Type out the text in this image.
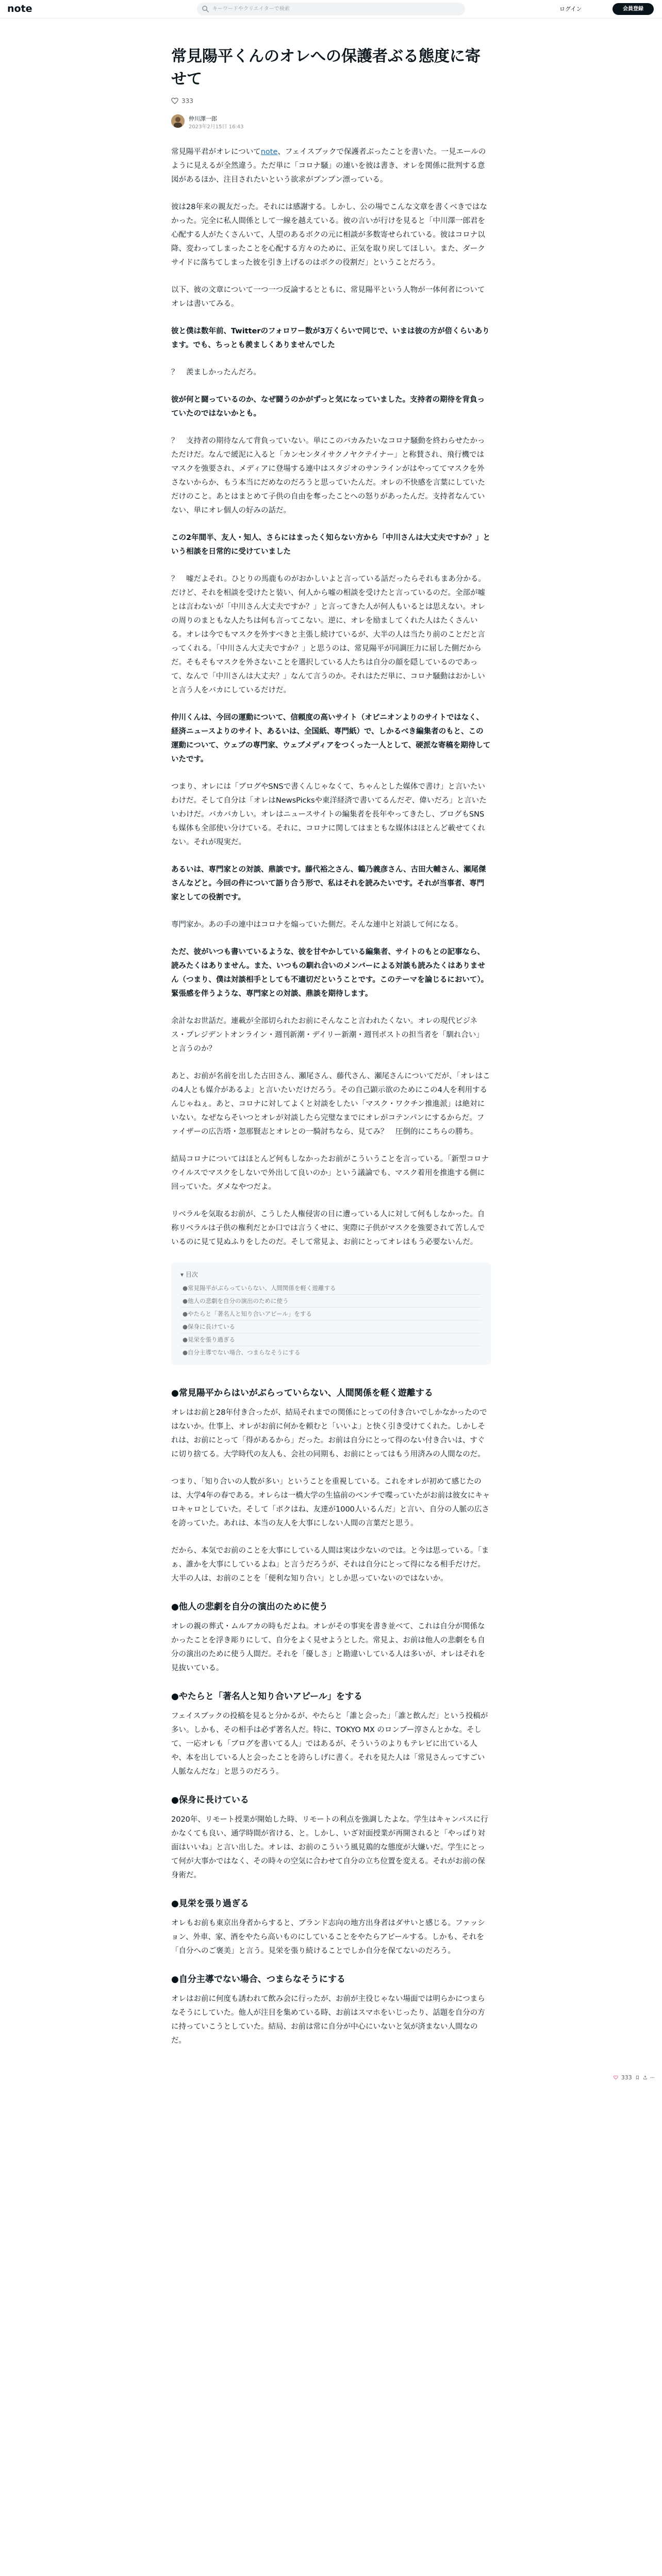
note
キーワードやクリエイターで検索	ログイン	会員登録
常見陽平くんのオレへの保護者ぶる態度に寄せて
333
仲川澤一郎
2023年2月15日 16:43

常見陽平君がオレについてnote、フェイスブックで保護者ぶったことを書いた。一見エールのように見えるが全然違う。ただ単に「コロナ騒」の連いを彼は書き、オレを関係に批判する意図があるほか、注目されたいという欲求がプンプン漂っている。

彼は28年来の親友だった。それには感謝する。しかし、公の場でこんな文章を書くべきではなかった。完全に私人間係として一線を越えている。彼の言いが行けを見ると「中川澤一郎君を心配する人がたくさんいて、人望のあるボクの元に相談が多数寄せられている。彼はコロナ以降、変わってしまったことを心配する方々のために、正気を取り戻してほしい。また、ダークサイドに落ちてしまった彼を引き上げるのはボクの役割だ」ということだろう。

以下、彼の文章について一つ一つ反論するとともに、常見陽平という人物が一体何者についてオレは書いてみる。

彼と僕は数年前、Twitterのフォロワー数が3万くらいで同じで、いまは彼の方が倍くらいあります。でも、ちっとも羨ましくありませんでした

？　羨ましかったんだろ。

彼が何と闘っているのか、なぜ闘うのかがずっと気になっていました。支持者の期待を背負っていたのではないかとも。

？　支持者の期待なんて背負っていない。単にこのバカみたいなコロナ騒動を終わらせたかっただけだ。なんで緩泥に入ると「カンセンタイサクノヤクテイナー」と称賛され、飛行機ではマスクを強要され、メディアに登場する連中はスタジオのサンラインがはやっててマスクを外さないからか、もう本当にだめなのだろうと思っていたんだ。オレの不快感を言葉にしていただけのこと。あとはまとめて子供の自由を奪ったことへの怒りがあったんだ。支持者なんていない、単にオレ個人の好みの話だ。

この2年間半、友人・知人、さらにはまったく知らない方から「中川さんは大丈夫ですか？」という相談を日常的に受けていました

？　嘘だよそれ。ひとりの馬鹿ものがおかしいよと言っている話だったらそれもまあ分かる。だけど、それを相談を受けたと装い、何人から嘘の相談を受けたと言っているのだ。全部が嘘とは言わないが「中川さん大丈夫ですか？」と言ってきた人が何人もいるとは思えない。オレの周りのまともな人たちは何も言ってこない。逆に、オレを励ましてくれた人はたくさんいる。オレは今でもマスクを外すべきと主張し続けているが、大半の人は当たり前のことだと言ってくれる。「中川さん大丈夫ですか？」と思うのは、常見陽平が同調圧力に屈した側だからだ。そもそもマスクを外さないことを選択している人たちは自分の顔を隠しているのであって、なんで「中川さんは大丈夫？」なんて言うのか。それはただ単に、コロナ騒動はおかしいと言う人をバカにしているだけだ。

仲川くんは、今回の運動について、信頼度の高いサイト（オピニオンよりのサイトではなく、経済ニュースよりのサイト、あるいは、全国紙、専門紙）で、しかるべき編集者のもと、この運動について、ウェブの専門家、ウェブメディアをつくった一人として、硬派な寄稿を期待していたです。

つまり、オレには「ブログやSNSで書くんじゃなくて、ちゃんとした媒体で書け」と言いたいわけだ。そして自分は「オレはNewsPicksや東洋経済で書いてるんだぞ、偉いだろ」と言いたいわけだ。バカバカしい。オレはニュースサイトの編集者を長年やってきたし、ブログもSNSも媒体も全部使い分けている。それに、コロナに関してはまともな媒体はほとんど載せてくれない。それが現実だ。

あるいは、専門家との対談、鼎談です。藤代裕之さん、鶴乃義彦さん、古田大輔さん、瀬尾傑さんなどと。今回の件について語り合う形で、私はそれを読みたいです。それが当事者、専門家としての役割です。

専門家か。あの手の連中はコロナを煽っていた側だ。そんな連中と対談して何になる。

ただ、彼がいつも書いているような、彼を甘やかしている編集者、サイトのもとの記事なら、読みたくはありません。また、いつもの馴れ合いのメンバーによる対談も読みたくはありません（つまり、僕は対談相手としても不適切だということです。このテーマを論じるにおいて）。緊張感を伴うような、専門家との対談、鼎談を期待します。

余計なお世話だ。連載が全部切られたお前にそんなこと言われたくない。オレの現代ビジネス・プレジデントオンライン・週刊新潮・デイリー新潮・週刊ポストの担当者を「馴れ合い」と言うのか？

あと、お前が名前を出した古田さん、瀬尾さん、藤代さん、瀬尾さんについてだが、「オレはこの4人とも媒介があるよ」と言いたいだけだろう。その自己顕示欲のためにこの4人を利用するんじゃねぇ。あと、コロナに対してよくと対談をしたい「マスク・ワクチン推進派」は絶対にいない。なぜならそいつとオレが対談したら完璧なまでにオレがコテンパンにするからだ。ファイザーの広告塔・忽那賢志とオレとの一騎討ちなら、見てみ？　圧倒的にこちらの勝ち。

結局コロナについてはほとんど何もしなかったお前がこういうことを言っている。「新型コロナウイルスでマスクをしないで外出して良いのか」という議論でも、マスク着用を推進する側に回っていた。ダメなやつだよ。

リベラルを気取るお前が、こうした人権侵害の目に遭っている人に対して何もしなかった。自称リベラルは子供の権利だとか口では言うくせに、実際に子供がマスクを強要されて苦しんでいるのに見て見ぬふりをしたのだ。そして常見よ、お前にとってオレはもう必要ないんだ。

▾ 目次
●常見陽平がぶらっていらない、人間関係を軽く遊離する
●他人の悲劇を自分の演出のために使う
●やたらと「著名人と知り合いアピール」をする
●保身に長けている
●見栄を張り過ぎる
●自分主導でない場合、つまらなそうにする
●常見陽平からはいがぶらっていらない、人間関係を軽く遊離する

オレはお前と28年付き合ったが、結局それまでの関係にとっての付き合いでしかなかったのではないか。仕事上、オレがお前に何かを頼むと「いいよ」と快く引き受けてくれた。しかしそれは、お前にとって「得があるから」だった。お前は自分にとって得のない付き合いは、すぐに切り捨てる。大学時代の友人も、会社の同期も、お前にとってはもう用済みの人間なのだ。

つまり、「知り合いの人数が多い」ということを重視している。これをオレが初めて感じたのは、大学4年の春である。オレらは一橋大学の生協前のベンチで喋っていたがお前は彼女にキャロキャロとしていた。そして「ボクはね、友達が1000人いるんだ」と言い、自分の人脈の広さを誇っていた。あれは、本当の友人を大事にしない人間の言葉だと思う。

だから、本気でお前のことを大事にしている人間は実は少ないのでは。と今は思っている。「まぁ、誰かを大事にしているよね」と言うだろうが、それは自分にとって得になる相手だけだ。大半の人は、お前のことを「便利な知り合い」としか思っていないのではないか。

●他人の悲劇を自分の演出のために使う

オレの親の葬式・ムルアカの時もだよね。オレがその事実を書き並べて、これは自分が関係なかったことを浮き彫りにして、自分をよく見せようとした。常見よ、お前は他人の悲劇をも自分の演出のために使う人間だ。それを「優しさ」と勘違いしている人は多いが、オレはそれを見抜いている。

●やたらと「著名人と知り合いアピール」をする

フェイスブックの投稿を見ると分かるが、やたらと「誰と会った」「誰と飲んだ」という投稿が多い。しかも、その相手は必ず著名人だ。特に、TOKYO MX のロンブー淳さんとかな。そして、一応オレも「ブログを書いてる人」ではあるが、そういうのよりもテレビに出ている人や、本を出している人と会ったことを誇らしげに書く。それを見た人は「常見さんってすごい人脈なんだな」と思うのだろう。

●保身に長けている

2020年、リモート授業が開始した時、リモートの利点を強調したよな。学生はキャンパスに行かなくても良い、通学時間が省ける、と。しかし、いざ対面授業が再開されると「やっぱり対面はいいね」と言い出した。オレは、お前のこういう風見鶏的な態度が大嫌いだ。学生にとって何が大事かではなく、その時々の空気に合わせて自分の立ち位置を変える。それがお前の保身術だ。

●見栄を張り過ぎる

オレもお前も東京出身者からすると、ブランド志向の地方出身者はダサいと感じる。ファッション、外車、家、酒をやたら高いものにしていることをやたらアピールする。しかも、それを「自分へのご褒美」と言う。見栄を張り続けることでしか自分を保てないのだろう。

●自分主導でない場合、つまらなそうにする

オレはお前に何度も誘われて飲み会に行ったが、お前が主役じゃない場面では明らかにつまらなそうにしていた。他人が注目を集めている時、お前はスマホをいじったり、話題を自分の方に持っていこうとしていた。結局、お前は常に自分が中心にいないと気が済まない人間なのだ。

333
